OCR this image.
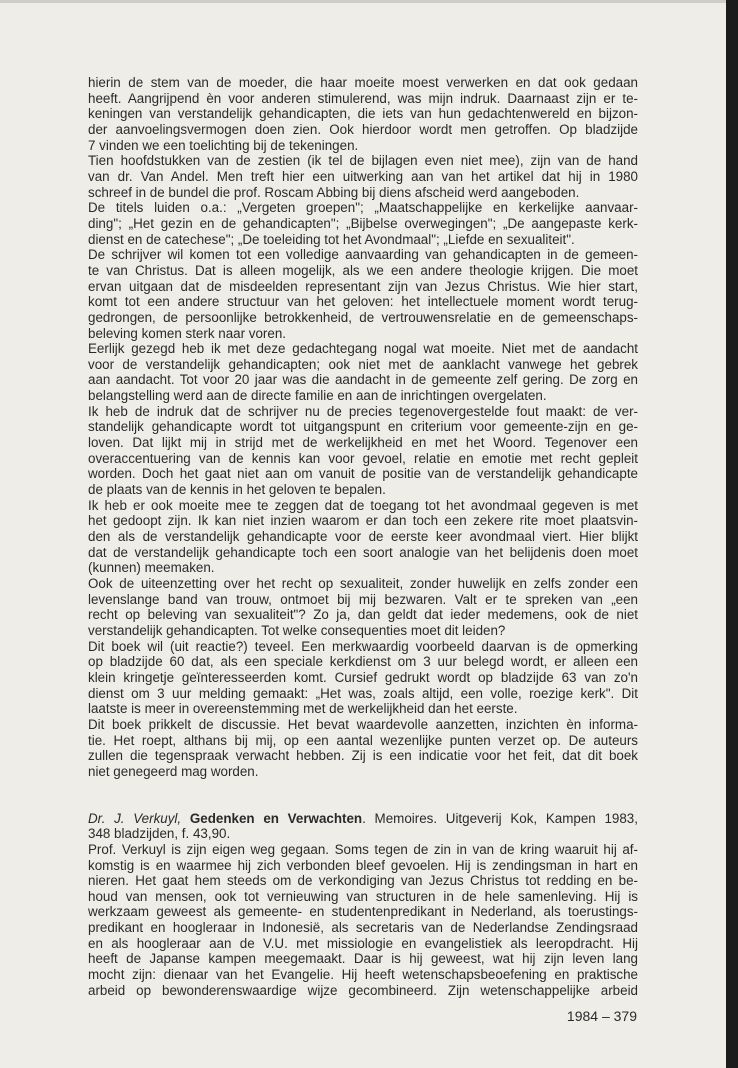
hierin de stem van de moeder, die haar moeite moest verwerken en dat ook gedaan
heeft. Aangrijpend èn voor anderen stimulerend, was mijn indruk. Daarnaast zijn er te-
keningen van verstandelijk gehandicapten, die iets van hun gedachtenwereld en bijzon-
der aanvoelingsvermogen doen zien. Ook hierdoor wordt men getroffen. Op bladzijde
7 vinden we een toelichting bij de tekeningen.
Tien hoofdstukken van de zestien (ik tel de bijlagen even niet mee), zijn van de hand
van dr. Van Andel. Men treft hier een uitwerking aan van het artikel dat hij in 1980
schreef in de bundel die prof. Roscam Abbing bij diens afscheid werd aangeboden.
De titels luiden o.a.: „Vergeten groepen"; „Maatschappelijke en kerkelijke aanvaar-
ding"; „Het gezin en de gehandicapten"; „Bijbelse overwegingen"; „De aangepaste kerk-
dienst en de catechese"; „De toeleiding tot het Avondmaal"; „Liefde en sexualiteit".
De schrijver wil komen tot een volledige aanvaarding van gehandicapten in de gemeen-
te van Christus. Dat is alleen mogelijk, als we een andere theologie krijgen. Die moet
ervan uitgaan dat de misdeelden representant zijn van Jezus Christus. Wie hier start,
komt tot een andere structuur van het geloven: het intellectuele moment wordt terug-
gedrongen, de persoonlijke betrokkenheid, de vertrouwensrelatie en de gemeenschaps-
beleving komen sterk naar voren.
Eerlijk gezegd heb ik met deze gedachtegang nogal wat moeite. Niet met de aandacht
voor de verstandelijk gehandicapten; ook niet met de aanklacht vanwege het gebrek
aan aandacht. Tot voor 20 jaar was die aandacht in de gemeente zelf gering. De zorg en
belangstelling werd aan de directe familie en aan de inrichtingen overgelaten.
Ik heb de indruk dat de schrijver nu de precies tegenovergestelde fout maakt: de ver-
standelijk gehandicapte wordt tot uitgangspunt en criterium voor gemeente-zijn en ge-
loven. Dat lijkt mij in strijd met de werkelijkheid en met het Woord. Tegenover een
overaccentuering van de kennis kan voor gevoel, relatie en emotie met recht gepleit
worden. Doch het gaat niet aan om vanuit de positie van de verstandelijk gehandicapte
de plaats van de kennis in het geloven te bepalen.
Ik heb er ook moeite mee te zeggen dat de toegang tot het avondmaal gegeven is met
het gedoopt zijn. Ik kan niet inzien waarom er dan toch een zekere rite moet plaatsvin-
den als de verstandelijk gehandicapte voor de eerste keer avondmaal viert. Hier blijkt
dat de verstandelijk gehandicapte toch een soort analogie van het belijdenis doen moet
(kunnen) meemaken.
Ook de uiteenzetting over het recht op sexualiteit, zonder huwelijk en zelfs zonder een
levenslange band van trouw, ontmoet bij mij bezwaren. Valt er te spreken van „een
recht op beleving van sexualiteit"? Zo ja, dan geldt dat ieder medemens, ook de niet
verstandelijk gehandicapten. Tot welke consequenties moet dit leiden?
Dit boek wil (uit reactie?) teveel. Een merkwaardig voorbeeld daarvan is de opmerking
op bladzijde 60 dat, als een speciale kerkdienst om 3 uur belegd wordt, er alleen een
klein kringetje geïnteresseerden komt. Cursief gedrukt wordt op bladzijde 63 van zo'n
dienst om 3 uur melding gemaakt: „Het was, zoals altijd, een volle, roezige kerk". Dit
laatste is meer in overeenstemming met de werkelijkheid dan het eerste.
Dit boek prikkelt de discussie. Het bevat waardevolle aanzetten, inzichten èn informa-
tie. Het roept, althans bij mij, op een aantal wezenlijke punten verzet op. De auteurs
zullen die tegenspraak verwacht hebben. Zij is een indicatie voor het feit, dat dit boek
niet genegeerd mag worden.
Dr. J. Verkuyl, Gedenken en Verwachten. Memoires. Uitgeverij Kok, Kampen 1983,
348 bladzijden, f. 43,90.
Prof. Verkuyl is zijn eigen weg gegaan. Soms tegen de zin in van de kring waaruit hij af-
komstig is en waarmee hij zich verbonden bleef gevoelen. Hij is zendingsman in hart en
nieren. Het gaat hem steeds om de verkondiging van Jezus Christus tot redding en be-
houd van mensen, ook tot vernieuwing van structuren in de hele samenleving. Hij is
werkzaam geweest als gemeente- en studentenpredikant in Nederland, als toerustings-
predikant en hoogleraar in Indonesië, als secretaris van de Nederlandse Zendingsraad
en als hoogleraar aan de V.U. met missiologie en evangelistiek als leeropdracht. Hij
heeft de Japanse kampen meegemaakt. Daar is hij geweest, wat hij zijn leven lang
mocht zijn: dienaar van het Evangelie. Hij heeft wetenschapsbeoefening en praktische
arbeid op bewonderenswaardige wijze gecombineerd. Zijn wetenschappelijke arbeid
1984 – 379
